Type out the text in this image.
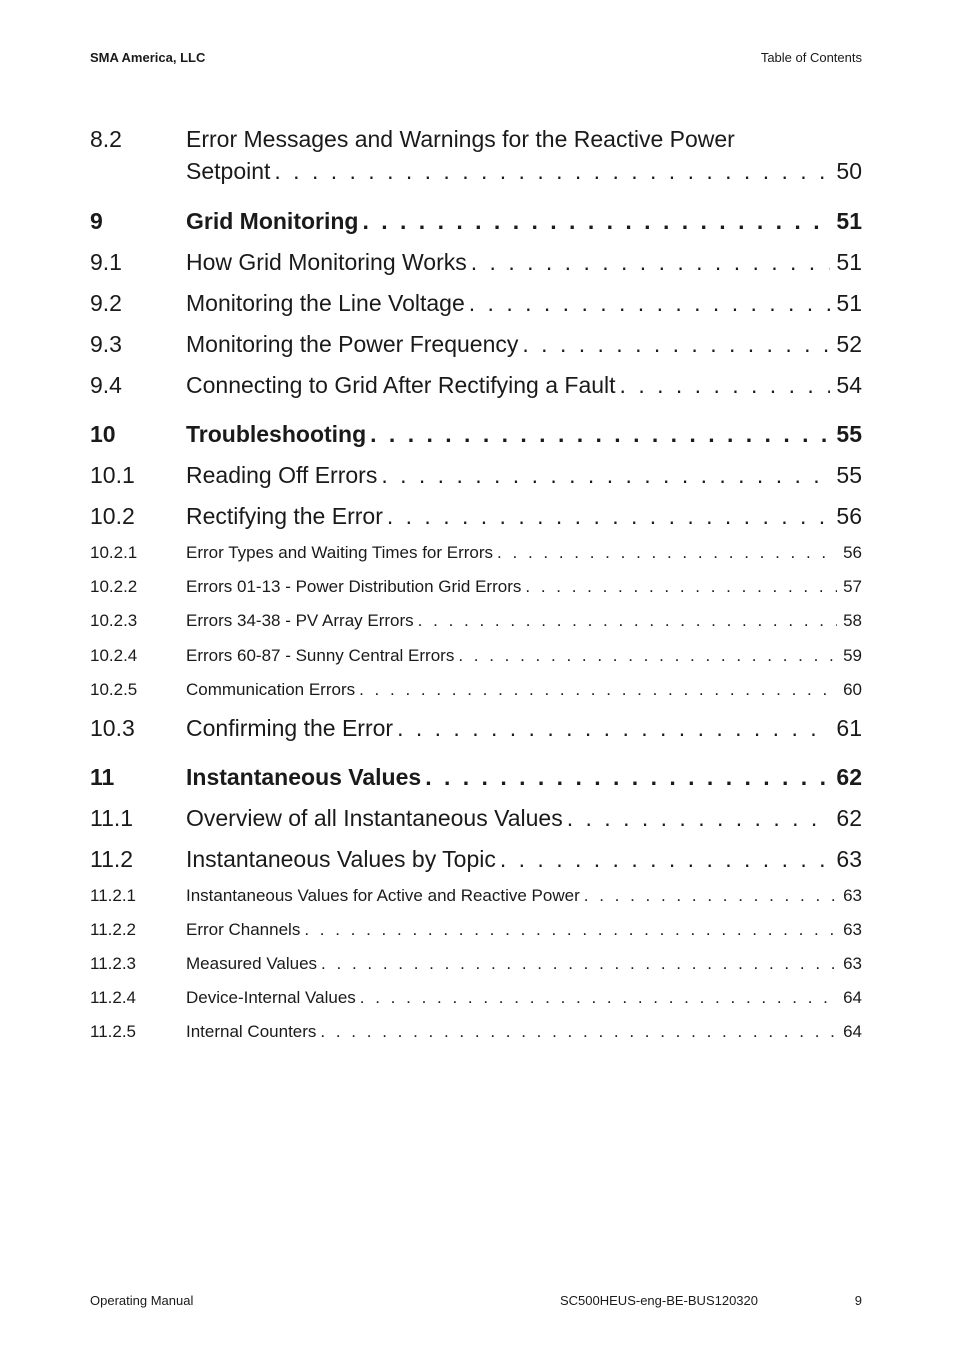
SMA America, LLC	Table of Contents
8.2	Error Messages and Warnings for the Reactive Power
Setpoint . . .	50
9	Grid Monitoring . . .	51
9.1	How Grid Monitoring Works . . .	51
9.2	Monitoring the Line Voltage . . .	51
9.3	Monitoring the Power Frequency . . .	52
9.4	Connecting to Grid After Rectifying a Fault . . .	54
10	Troubleshooting . . .	55
10.1 Reading Off Errors . . .	55
10.2 Rectifying the Error . . .	56
10.2.1	Error Types and Waiting Times for Errors . . .	56
10.2.2	Errors 01-13 - Power Distribution Grid Errors . . .	57
10.2.3	Errors 34-38 - PV Array Errors . . .	58
10.2.4	Errors 60-87 - Sunny Central Errors . . .	59
10.2.5	Communication Errors . . .	60
10.3 Confirming the Error . . .	61
11	Instantaneous Values . . .	62
11.1 Overview of all Instantaneous Values . . .	62
11.2 Instantaneous Values by Topic . . .	63
11.2.1	Instantaneous Values for Active and Reactive Power . . .	63
11.2.2	Error Channels . . .	63
11.2.3	Measured Values . . .	63
11.2.4	Device-Internal Values . . .	64
11.2.5	Internal Counters . . .	64
Operating Manual	SC500HEUS-eng-BE-BUS120320	9
